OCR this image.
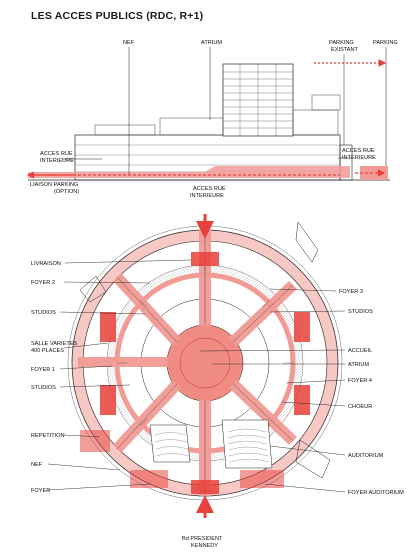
LES ACCES PUBLICS (RDC, R+1)
NEF	ATRIUM	PARKING
EXISTANT
PARKING
ACCES RUE
INTERIEURE
ACCES RUE
INTERIEURE
LIAISON PARKING
(OPTION)	ACCES RUE
INTERIEURE
Bd PRESIDENT
KENNEDY
LIVRAISON
FOYER 2
STUDIOS
SALLE VARIETES
400 PLACES
FOYER 1
STUDIOS
REPETITION
NEF
FOYER
FOYER 3
STUDIOS
ACCUEIL
ATRIUM
FOYER 4
CHOEUR
AUDITORIUM
FOYER AUDITORIUM
